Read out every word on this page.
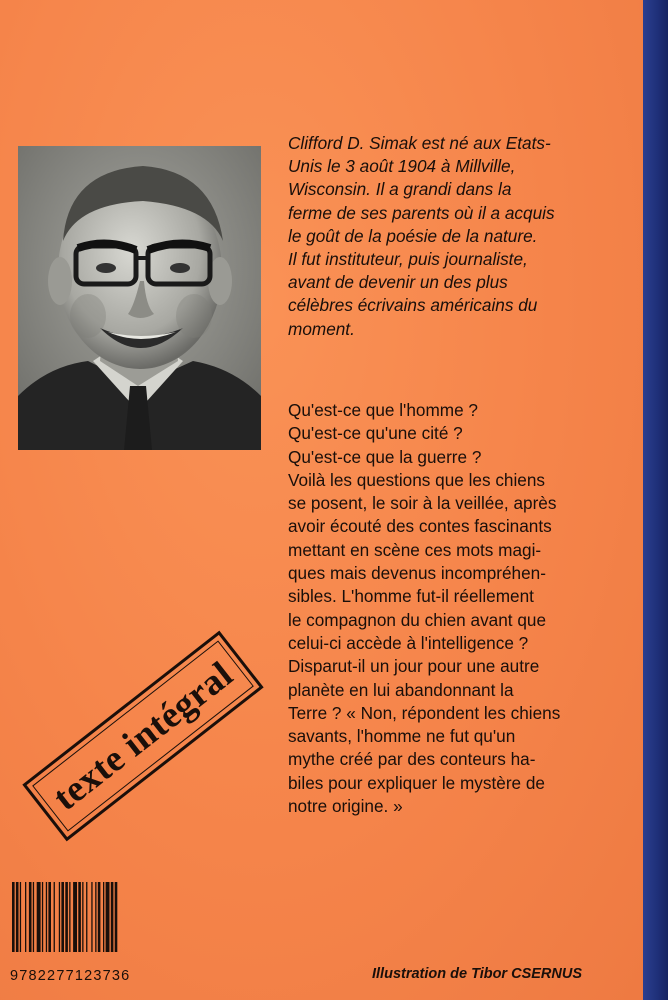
Clifford D. Simak est né aux Etats-
Unis le 3 août 1904 à Millville,
Wisconsin. Il a grandi dans la
ferme de ses parents où il a acquis
le goût de la poésie de la nature.
Il fut instituteur, puis journaliste,
avant de devenir un des plus
célèbres écrivains américains du
moment.
Qu'est-ce que l'homme ?
Qu'est-ce qu'une cité ?
Qu'est-ce que la guerre ?
Voilà les questions que les chiens
se posent, le soir à la veillée, après
avoir écouté des contes fascinants
mettant en scène ces mots magi-
ques mais devenus incompréhen-
sibles. L'homme fut-il réellement
le compagnon du chien avant que
celui-ci accède à l'intelligence ?
Disparut-il un jour pour une autre
planète en lui abandonnant la
Terre ? « Non, répondent les chiens
savants, l'homme ne fut qu'un
mythe créé par des conteurs ha-
biles pour expliquer le mystère de
notre origine. »
texte intégral
9782277123736	Illustration de Tibor CSERNUS
